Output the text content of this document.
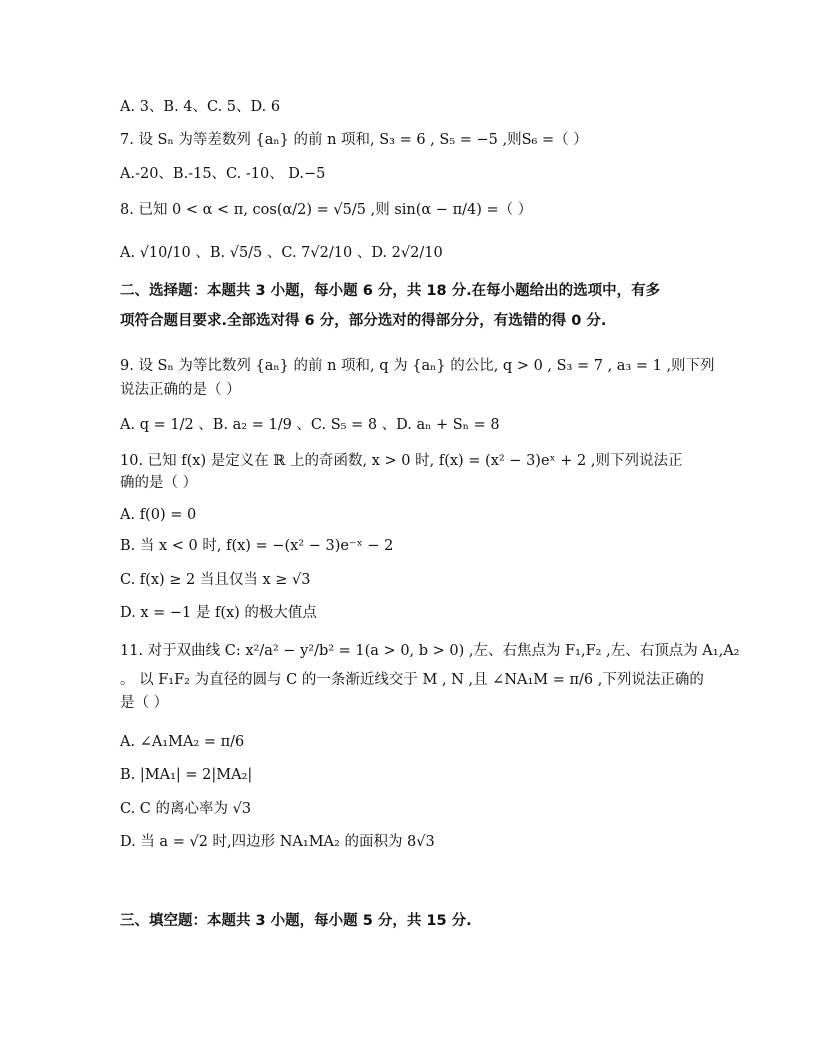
A. 3、B. 4、C. 5、D. 6
7. 设 Sₙ 为等差数列 {aₙ} 的前 n 项和, S₃ = 6 , S₅ = −5 ,则S₆ =（ ）
A.-20、B.-15、C. -10、 D.−5
8. 已知 0 < α < π, cos(α/2) = √5/5 ,则 sin(α − π/4) =（ ）
A. √10/10 、B. √5/5 、C. 7√2/10 、D. 2√2/10
二、选择题：本题共 3 小题，每小题 6 分，共 18 分.在每小题给出的选项中，有多
项符合题目要求.全部选对得 6 分，部分选对的得部分分，有选错的得 0 分.
9. 设 Sₙ 为等比数列 {aₙ} 的前 n 项和, q 为 {aₙ} 的公比, q > 0 , S₃ = 7 , a₃ = 1 ,则下列
说法正确的是（ ）
A. q = 1/2 、B. a₂ = 1/9 、C. S₅ = 8 、D. aₙ + Sₙ = 8
10. 已知 f(x) 是定义在 ℝ 上的奇函数, x > 0 时, f(x) = (x² − 3)eˣ + 2 ,则下列说法正
确的是（ ）
A. f(0) = 0
B. 当 x < 0 时, f(x) = −(x² − 3)e⁻ˣ − 2
C. f(x) ≥ 2 当且仅当 x ≥ √3
D. x = −1 是 f(x) 的极大值点
11. 对于双曲线 C: x²/a² − y²/b² = 1(a > 0, b > 0) ,左、右焦点为 F₁,F₂ ,左、右顶点为 A₁,A₂
。 以 F₁F₂ 为直径的圆与 C 的一条渐近线交于 M , N ,且 ∠NA₁M = π/6 ,下列说法正确的
是（ ）
A. ∠A₁MA₂ = π/6
B. |MA₁| = 2|MA₂|
C. C 的离心率为 √3
D. 当 a = √2 时,四边形 NA₁MA₂ 的面积为 8√3
三、填空题：本题共 3 小题，每小题 5 分，共 15 分.
